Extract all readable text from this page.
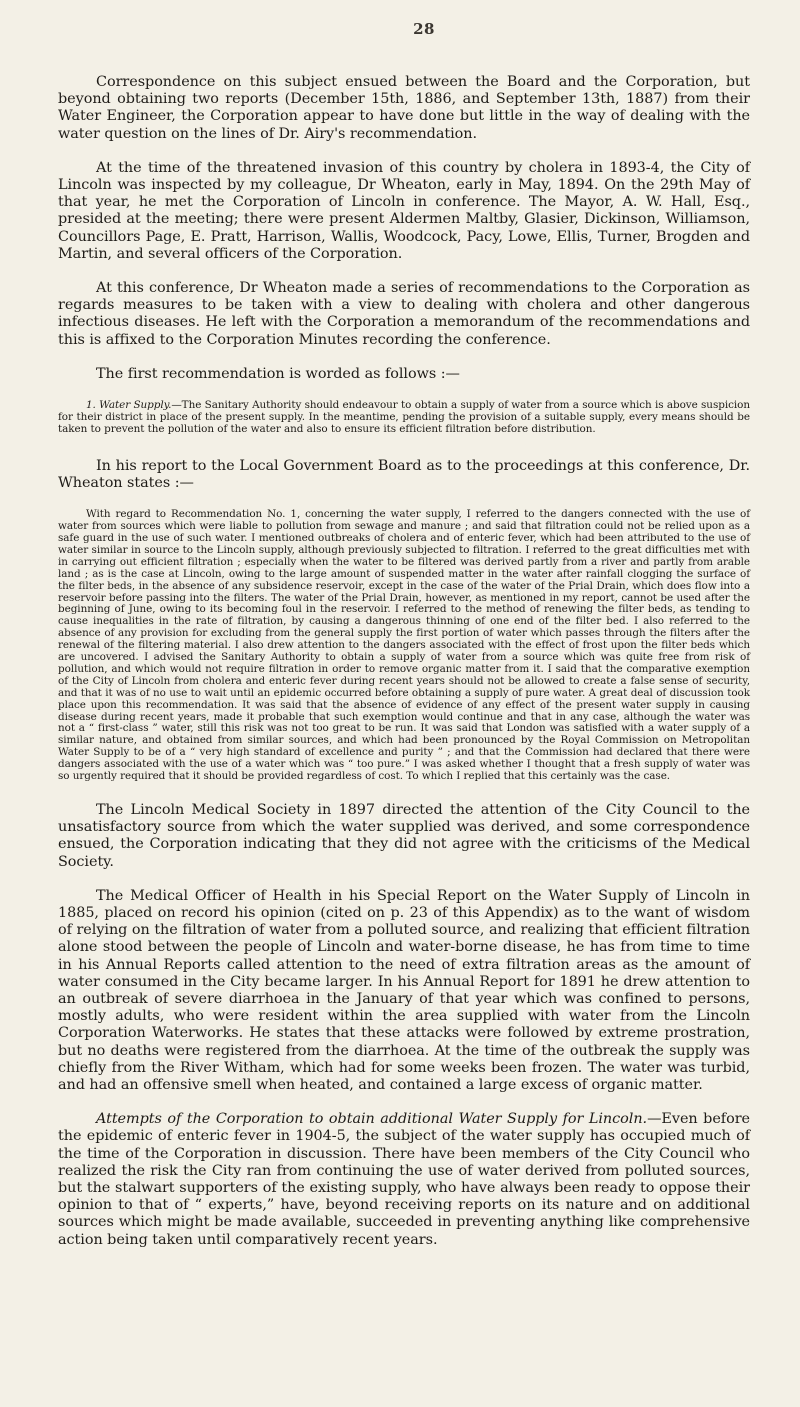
28

Correspondence on this subject ensued between the Board and the Corporation, but beyond obtaining two reports (December 15th, 1886, and September 13th, 1887) from their Water Engineer, the Corporation appear to have done but little in the way of dealing with the water question on the lines of Dr. Airy's recommendation.

At the time of the threatened invasion of this country by cholera in 1893-4, the City of Lincoln was inspected by my colleague, Dr Wheaton, early in May, 1894. On the 29th May of that year, he met the Corporation of Lincoln in conference. The Mayor, A. W. Hall, Esq., presided at the meeting; there were present Aldermen Maltby, Glasier, Dickinson, Williamson, Councillors Page, E. Pratt, Harrison, Wallis, Woodcock, Pacy, Lowe, Ellis, Turner, Brogden and Martin, and several officers of the Corporation.

At this conference, Dr Wheaton made a series of recommendations to the Corporation as regards measures to be taken with a view to dealing with cholera and other dangerous infectious diseases. He left with the Corporation a memorandum of the recommendations and this is affixed to the Corporation Minutes recording the conference.

The first recommendation is worded as follows :—

1. Water Supply.—The Sanitary Authority should endeavour to obtain a supply of water from a source which is above suspicion for their district in place of the present supply. In the meantime, pending the provision of a suitable supply, every means should be taken to prevent the pollution of the water and also to ensure its efficient filtration before distribution.

In his report to the Local Government Board as to the proceedings at this conference, Dr. Wheaton states :—

With regard to Recommendation No. 1, concerning the water supply, I referred to the dangers connected with the use of water from sources which were liable to pollution from sewage and manure ; and said that filtration could not be relied upon as a safe guard in the use of such water. I mentioned outbreaks of cholera and of enteric fever, which had been attributed to the use of water similar in source to the Lincoln supply, although previously subjected to filtration. I referred to the great difficulties met with in carrying out efficient filtration ; especially when the water to be filtered was derived partly from a river and partly from arable land ; as is the case at Lincoln, owing to the large amount of suspended matter in the water after rainfall clogging the surface of the filter beds, in the absence of any subsidence reservoir, except in the case of the water of the Prial Drain, which does flow into a reservoir before passing into the filters. The water of the Prial Drain, however, as mentioned in my report, cannot be used after the beginning of June, owing to its becoming foul in the reservoir. I referred to the method of renewing the filter beds, as tending to cause inequalities in the rate of filtration, by causing a dangerous thinning of one end of the filter bed. I also referred to the absence of any provision for excluding from the general supply the first portion of water which passes through the filters after the renewal of the filtering material. I also drew attention to the dangers associated with the effect of frost upon the filter beds which are uncovered. I advised the Sanitary Authority to obtain a supply of water from a source which was quite free from risk of pollution, and which would not require filtration in order to remove organic matter from it. I said that the comparative exemption of the City of Lincoln from cholera and enteric fever during recent years should not be allowed to create a false sense of security, and that it was of no use to wait until an epidemic occurred before obtaining a supply of pure water. A great deal of discussion took place upon this recommendation. It was said that the absence of evidence of any effect of the present water supply in causing disease during recent years, made it probable that such exemption would continue and that in any case, although the water was not a “ first-class ” water, still this risk was not too great to be run. It was said that London was satisfied with a water supply of a similar nature, and obtained from similar sources, and which had been pronounced by the Royal Commission on Metropolitan Water Supply to be of a “ very high standard of excellence and purity ” ; and that the Commission had declared that there were dangers associated with the use of a water which was “ too pure.” I was asked whether I thought that a fresh supply of water was so urgently required that it should be provided regardless of cost. To which I replied that this certainly was the case.

The Lincoln Medical Society in 1897 directed the attention of the City Council to the unsatisfactory source from which the water supplied was derived, and some correspondence ensued, the Corporation indicating that they did not agree with the criticisms of the Medical Society.

The Medical Officer of Health in his Special Report on the Water Supply of Lincoln in 1885, placed on record his opinion (cited on p. 23 of this Appendix) as to the want of wisdom of relying on the filtration of water from a polluted source, and realizing that efficient filtration alone stood between the people of Lincoln and water-borne disease, he has from time to time in his Annual Reports called attention to the need of extra filtration areas as the amount of water consumed in the City became larger. In his Annual Report for 1891 he drew attention to an outbreak of severe diarrhoea in the January of that year which was confined to persons, mostly adults, who were resident within the area supplied with water from the Lincoln Corporation Waterworks. He states that these attacks were followed by extreme prostration, but no deaths were registered from the diarrhoea. At the time of the outbreak the supply was chiefly from the River Witham, which had for some weeks been frozen. The water was turbid, and had an offensive smell when heated, and contained a large excess of organic matter.

Attempts of the Corporation to obtain additional Water Supply for Lincoln.—Even before the epidemic of enteric fever in 1904-5, the subject of the water supply has occupied much of the time of the Corporation in discussion. There have been members of the City Council who realized the risk the City ran from continuing the use of water derived from polluted sources, but the stalwart supporters of the existing supply, who have always been ready to oppose their opinion to that of “ experts,” have, beyond receiving reports on its nature and on additional sources which might be made available, succeeded in preventing anything like comprehensive action being taken until comparatively recent years.
